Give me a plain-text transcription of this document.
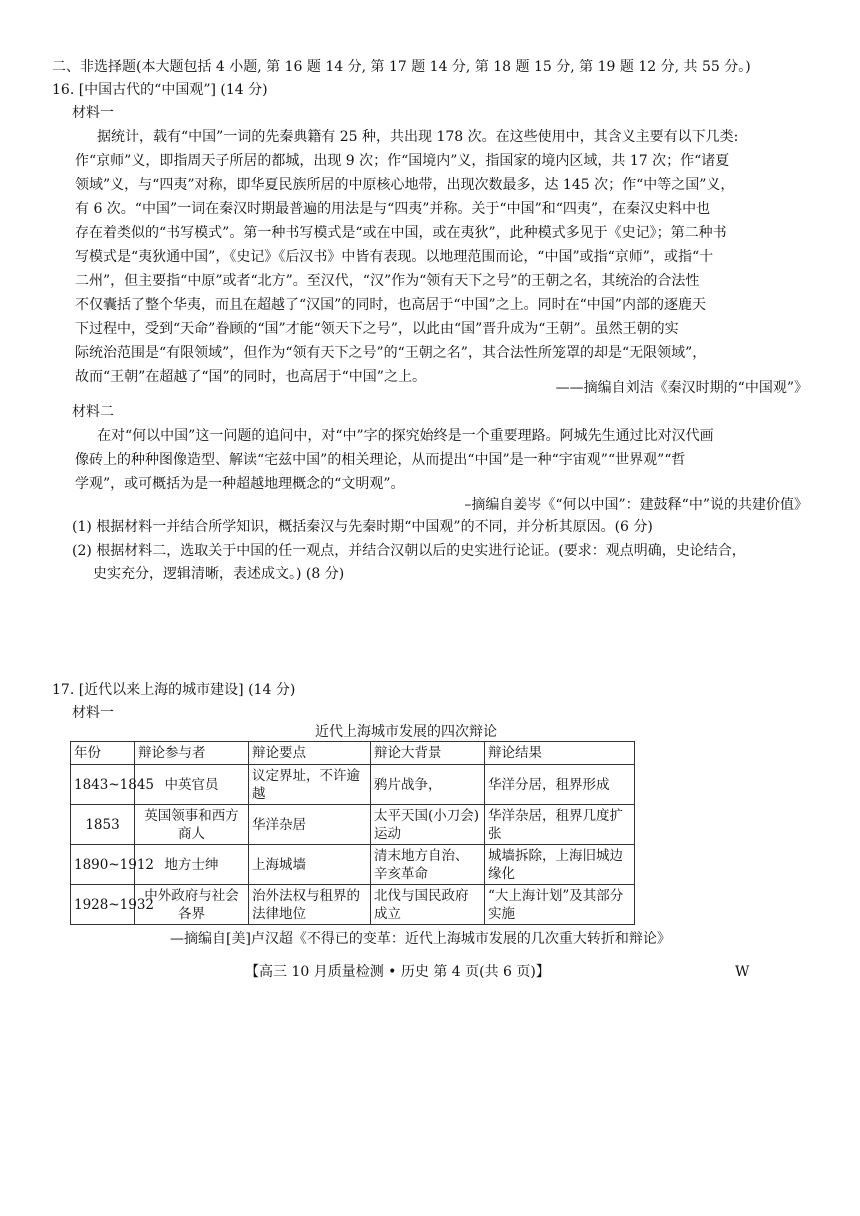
二、非选择题(本大题包括 4 小题, 第 16 题 14 分, 第 17 题 14 分, 第 18 题 15 分, 第 19 题 12 分, 共 55 分。)
16. [中国古代的“中国观”] (14 分)
材料一
据统计，载有“中国”一词的先秦典籍有 25 种，共出现 178 次。在这些使用中，其含义主要有以下几类:
作“京师”义，即指周天子所居的都城，出现 9 次；作“国境内”义，指国家的境内区域，共 17 次；作“诸夏
领域”义，与“四夷”对称，即华夏民族所居的中原核心地带，出现次数最多，达 145 次；作“中等之国”义，
有 6 次。“中国”一词在秦汉时期最普遍的用法是与“四夷”并称。关于“中国”和“四夷”，在秦汉史料中也
存在着类似的“书写模式”。第一种书写模式是“或在中国，或在夷狄”，此种模式多见于《史记》；第二种书
写模式是“夷狄通中国”，《史记》《后汉书》中皆有表现。以地理范围而论，“中国”或指“京师”，或指“十
二州”，但主要指“中原”或者“北方”。至汉代，“汉”作为“领有天下之号”的王朝之名，其统治的合法性
不仅囊括了整个华夷，而且在超越了“汉国”的同时，也高居于“中国”之上。同时在“中国”内部的逐鹿天
下过程中，受到“天命”眷顾的“国”才能“领天下之号”，以此由“国”晋升成为“王朝”。虽然王朝的实
际统治范围是“有限领域”，但作为“领有天下之号”的“王朝之名”，其合法性所笼罩的却是“无限领域”，
故而“王朝”在超越了“国”的同时，也高居于“中国”之上。
——摘编自刘洁《秦汉时期的“中国观”》
材料二
在对“何以中国”这一问题的追问中，对“中”字的探究始终是一个重要理路。阿城先生通过比对汉代画
像砖上的种种图像造型、解读“宅兹中国”的相关理论，从而提出“中国”是一种“宇宙观”“世界观”“哲
学观”，或可概括为是一种超越地理概念的“文明观”。
–摘编自姜岑《“何以中国”：建鼓释“中”说的共建价值》
(1) 根据材料一并结合所学知识，概括秦汉与先秦时期“中国观”的不同，并分析其原因。(6 分)
(2) 根据材料二，选取关于中国的任一观点，并结合汉朝以后的史实进行论证。(要求：观点明确，史论结合，
史实充分，逻辑清晰，表述成文。) (8 分)
17. [近代以来上海的城市建设] (14 分)
材料一
近代上海城市发展的四次辩论
年份	辩论参与者	辩论要点	辩论大背景	辩论结果
1843~1845	中英官员	议定界址，不许逾越	鸦片战争，	华洋分居，租界形成
1853	英国领事和西方商人	华洋杂居	太平天国(小刀会)运动	华洋杂居，租界几度扩张
1890~1912	地方士绅	上海城墙	清末地方自治、辛亥革命	城墙拆除，上海旧城边缘化
1928~1932	中外政府与社会各界	治外法权与租界的法律地位	北伐与国民政府成立	“大上海计划”及其部分实施
—摘编自[美]卢汉超《不得已的变革：近代上海城市发展的几次重大转折和辩论》
【高三 10 月质量检测 • 历史 第 4 页(共 6 页)】	W
